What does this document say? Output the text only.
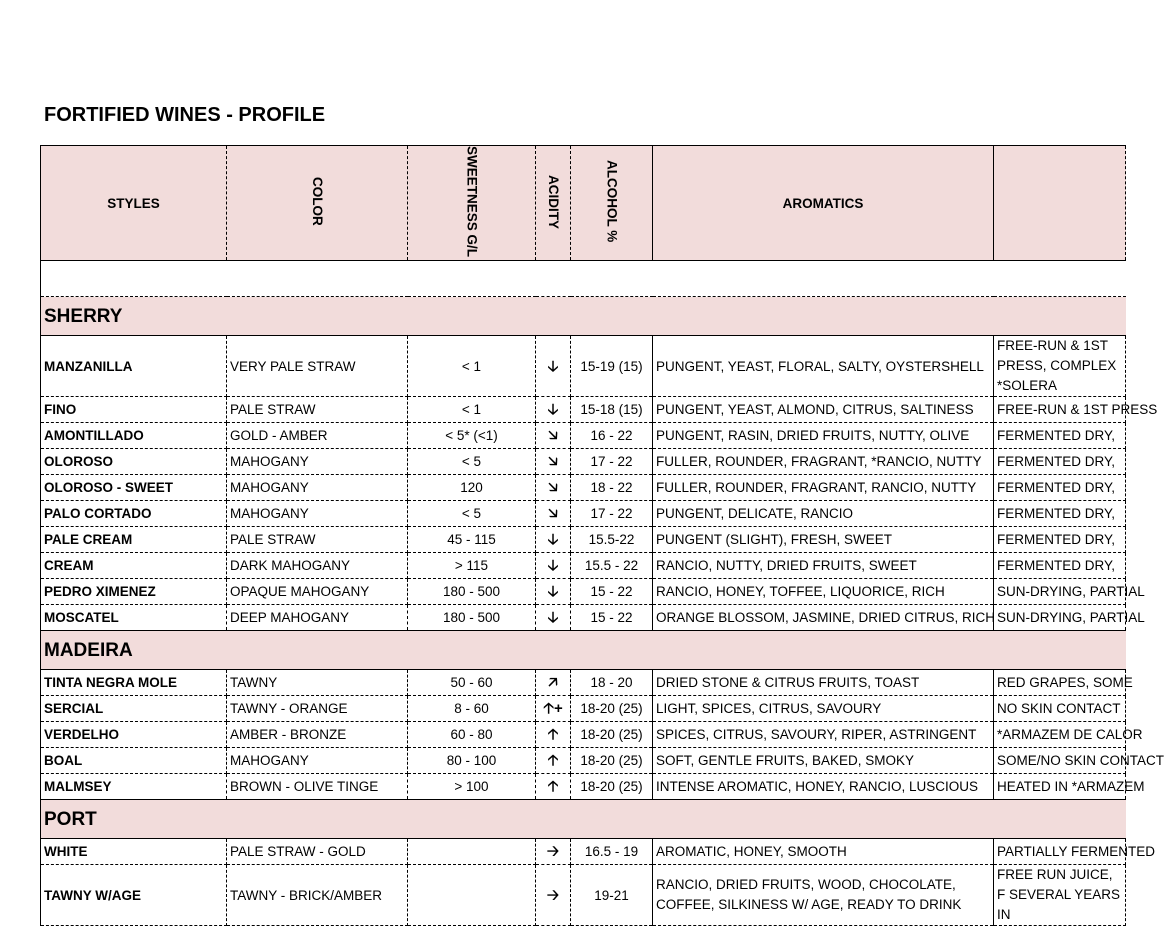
FORTIFIED WINES - PROFILE
STYLES	COLOR	SWEETNESS G/L	ACIDITY	ALCOHOL %	AROMATICS	

SHERRY						
MANZANILLA	VERY PALE STRAW	< 1	🡣	15-19 (15)	PUNGENT, YEAST, FLORAL, SALTY, OYSTERSHELL	FREE-RUN & 1ST PRESS, COMPLEX *SOLERA
FINO	PALE STRAW	< 1	🡣	15-18 (15)	PUNGENT, YEAST, ALMOND, CITRUS, SALTINESS	FREE-RUN & 1ST PRESS
AMONTILLADO	GOLD - AMBER	< 5* (<1)	🡦	16 - 22	PUNGENT, RASIN, DRIED FRUITS, NUTTY, OLIVE	FERMENTED DRY,
OLOROSO	MAHOGANY	< 5	🡦	17 - 22	FULLER, ROUNDER, FRAGRANT, *RANCIO, NUTTY	FERMENTED DRY,
OLOROSO - SWEET	MAHOGANY	120	🡦	18 - 22	FULLER, ROUNDER, FRAGRANT, RANCIO, NUTTY	FERMENTED DRY,
PALO CORTADO	MAHOGANY	< 5	🡦	17 - 22	PUNGENT, DELICATE, RANCIO	FERMENTED DRY,
PALE CREAM	PALE STRAW	45 - 115	🡣	15.5-22	PUNGENT (SLIGHT), FRESH, SWEET	FERMENTED DRY,
CREAM	DARK MAHOGANY	> 115	🡣	15.5 - 22	RANCIO, NUTTY, DRIED FRUITS, SWEET	FERMENTED DRY,
PEDRO XIMENEZ	OPAQUE MAHOGANY	180 - 500	🡣	15 - 22	RANCIO, HONEY, TOFFEE, LIQUORICE, RICH	SUN-DRYING, PARTIAL
MOSCATEL	DEEP MAHOGANY	180 - 500	🡣	15 - 22	ORANGE BLOSSOM, JASMINE, DRIED CITRUS, RICH	SUN-DRYING, PARTIAL
MADEIRA						
TINTA NEGRA MOLE	TAWNY	50 - 60	🡥	18 - 20	DRIED STONE & CITRUS FRUITS, TOAST	RED GRAPES, SOME
SERCIAL	TAWNY - ORANGE	8 - 60	🡡+	18-20 (25)	LIGHT, SPICES, CITRUS, SAVOURY	NO SKIN CONTACT
VERDELHO	AMBER - BRONZE	60 - 80	🡡	18-20 (25)	SPICES, CITRUS, SAVOURY, RIPER, ASTRINGENT	*ARMAZEM DE CALOR
BOAL	MAHOGANY	80 - 100	🡡	18-20 (25)	SOFT, GENTLE FRUITS, BAKED, SMOKY	SOME/NO SKIN CONTACT
MALMSEY	BROWN - OLIVE TINGE	> 100	🡡	18-20 (25)	INTENSE AROMATIC, HONEY, RANCIO, LUSCIOUS	HEATED IN *ARMAZEM
PORT						
WHITE	PALE STRAW - GOLD		🡢	16.5 - 19	AROMATIC, HONEY, SMOOTH	PARTIALLY FERMENTED
TAWNY W/AGE	TAWNY - BRICK/AMBER		🡢	19-21	RANCIO, DRIED FRUITS, WOOD, CHOCOLATE, COFFEE, SILKINESS W/ AGE, READY TO DRINK	FREE RUN JUICE, F SEVERAL YEARS IN
